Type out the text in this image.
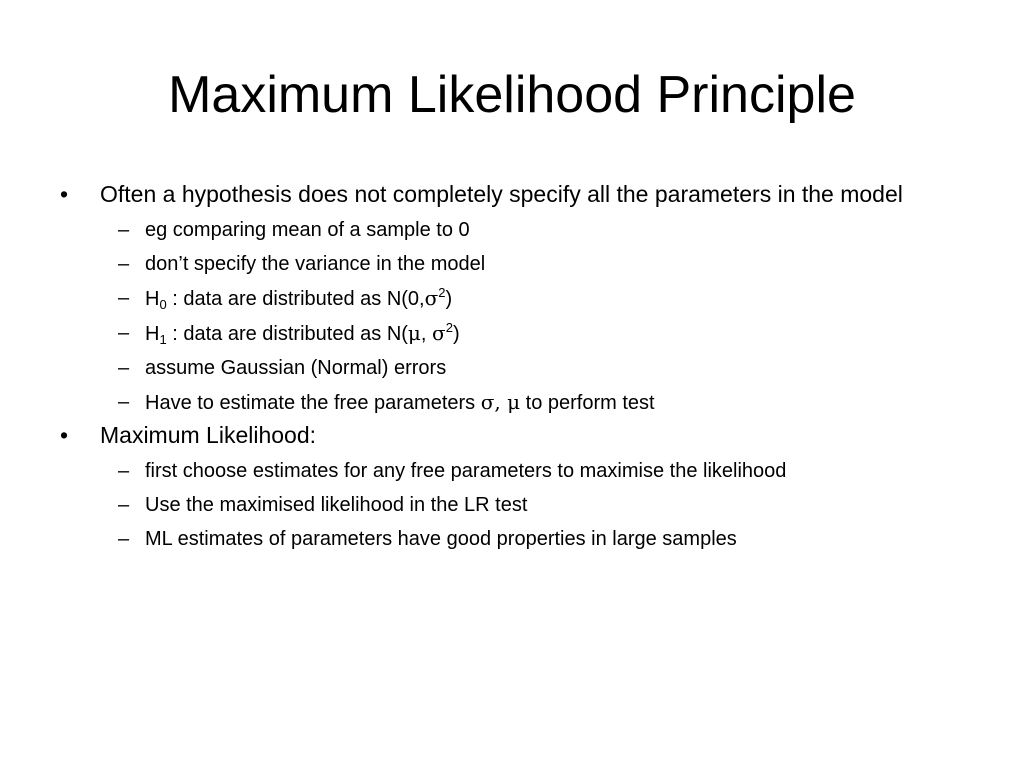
Maximum Likelihood Principle
• Often a hypothesis does not completely specify all the parameters in the model
– eg comparing mean of a sample to 0
– don’t specify the variance in the model
– $H_0$ : data are distributed as $N(0,\sigma^2)$
– $H_1$ : data are distributed as N(μ, $\sigma^2$)
– assume Gaussian (Normal) errors
– Have to estimate the free parameters σ, μ to perform test
• Maximum Likelihood:
– first choose estimates for any free parameters to maximise the likelihood
– Use the maximised likelihood in the LR test
– ML estimates of parameters have good properties in large samples
